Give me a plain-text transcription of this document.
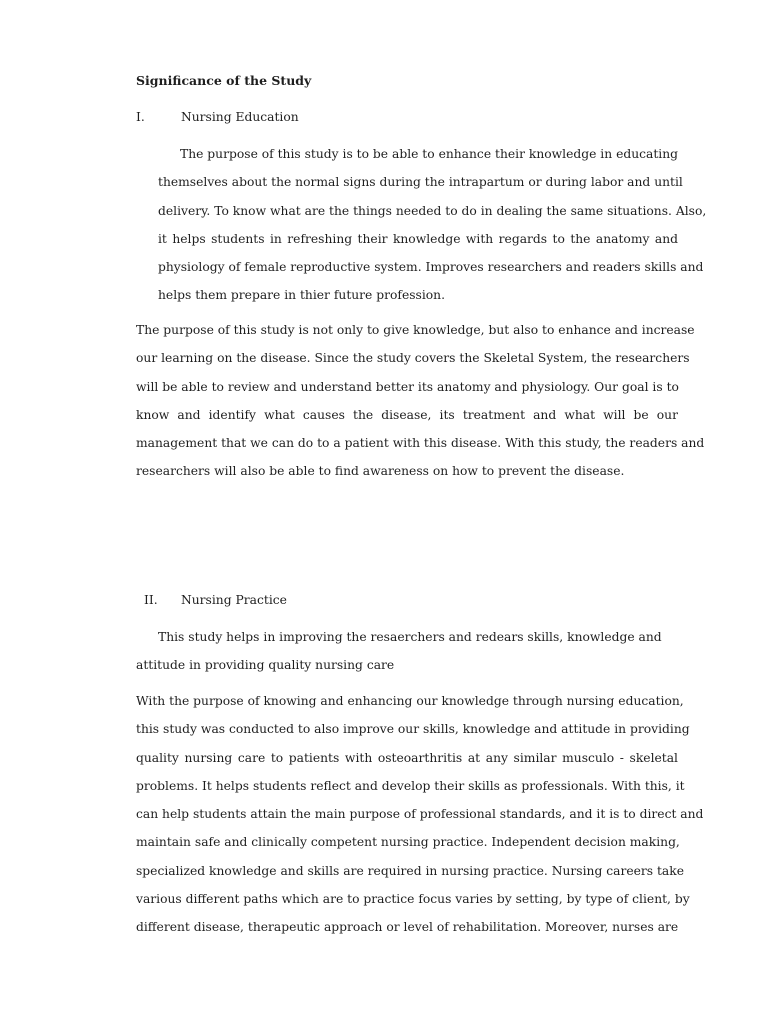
Significance of the Study
I.	Nursing Education
The purpose of this study is to be able to enhance their knowledge in educating
themselves about the normal signs during the intrapartum or during labor and until
delivery. To know what are the things needed to do in dealing the same situations. Also,
it helps students in refreshing their knowledge with regards to the anatomy and
physiology of female reproductive system. Improves researchers and readers skills and
helps them prepare in thier future profession.
The purpose of this study is not only to give knowledge, but also to enhance and increase
our learning on the disease. Since the study covers the Skeletal System, the researchers
will be able to review and understand better its anatomy and physiology. Our goal is to
know and identify what causes the disease, its treatment and what will be our
management that we can do to a patient with this disease. With this study, the readers and
researchers will also be able to find awareness on how to prevent the disease.
II. Nursing Practice
This study helps in improving the resaerchers and redears skills, knowledge and
attitude in providing quality nursing care
With the purpose of knowing and enhancing our knowledge through nursing education,
this study was conducted to also improve our skills, knowledge and attitude in providing
quality nursing care to patients with osteoarthritis at any similar musculo - skeletal
problems. It helps students reflect and develop their skills as professionals. With this, it
can help students attain the main purpose of professional standards, and it is to direct and
maintain safe and clinically competent nursing practice. Independent decision making,
specialized knowledge and skills are required in nursing practice. Nursing careers take
various different paths which are to practice focus varies by setting, by type of client, by
different disease, therapeutic approach or level of rehabilitation. Moreover, nurses are
